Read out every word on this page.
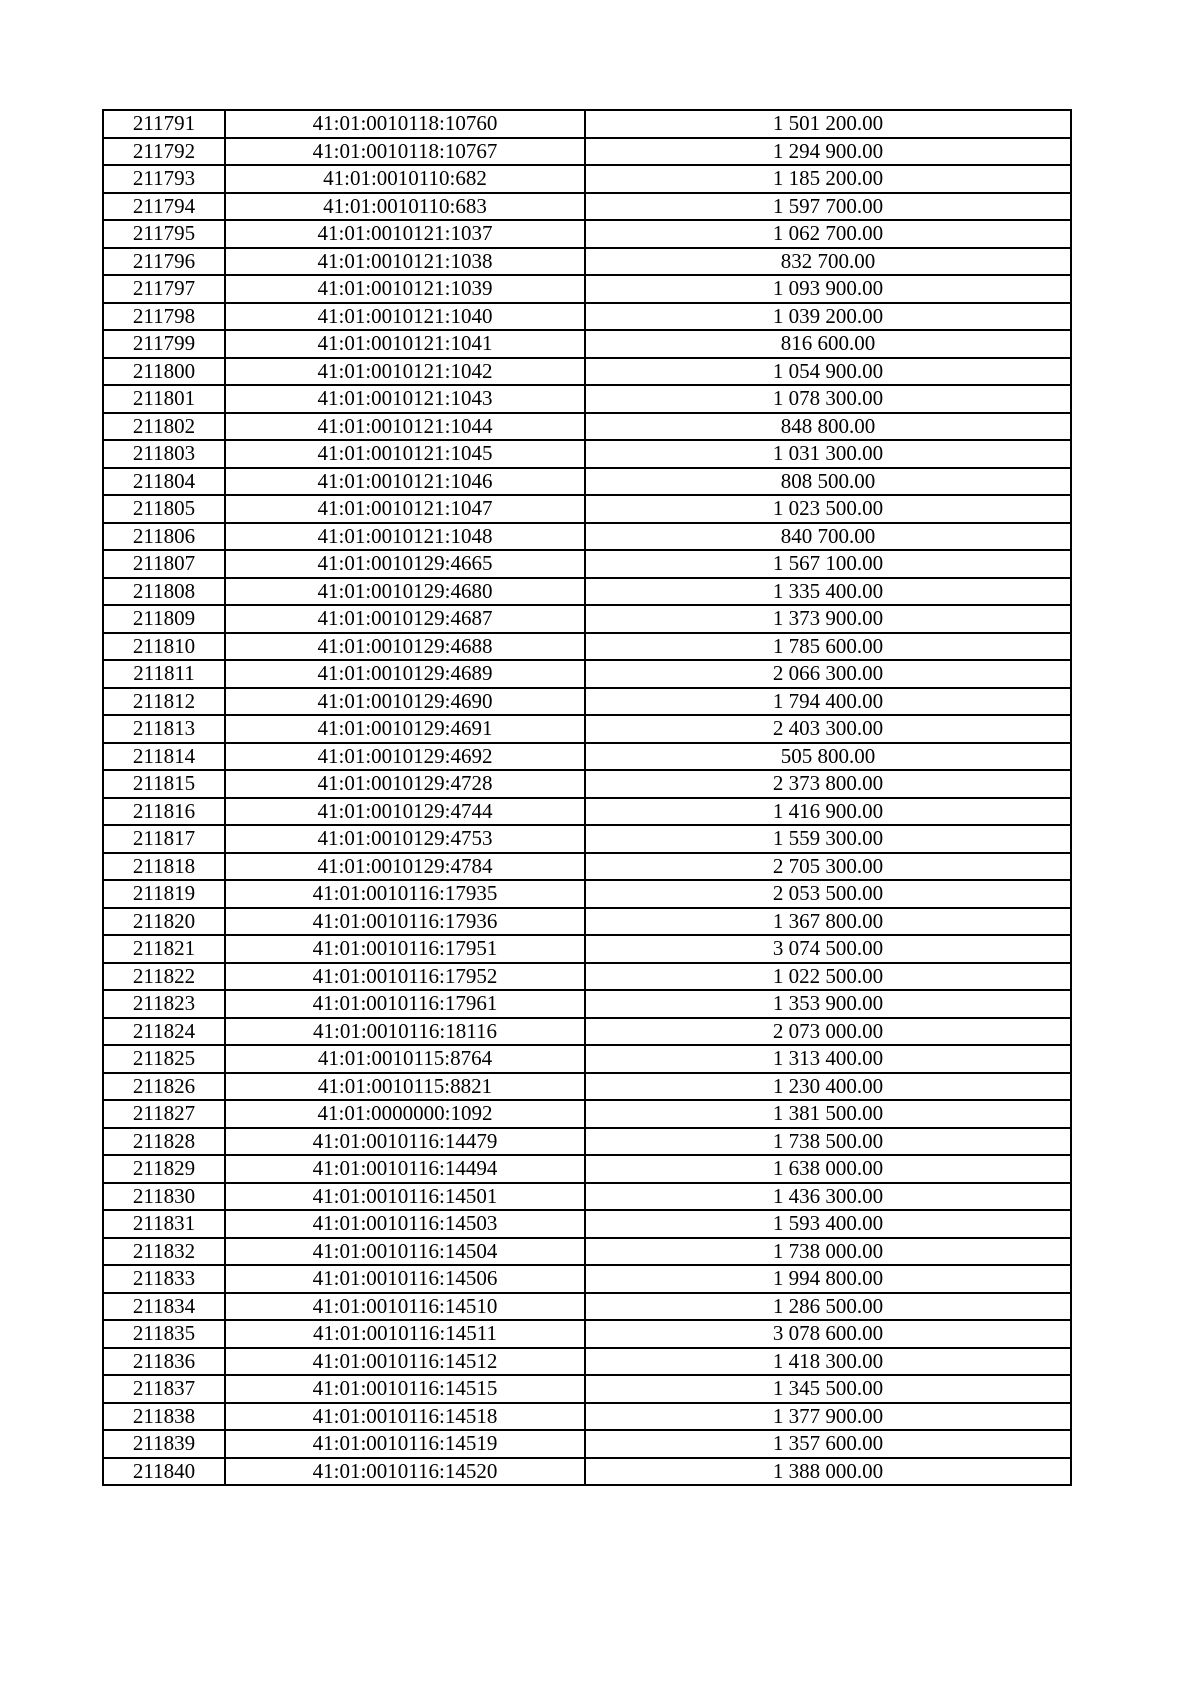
211791	41:01:0010118:10760	1 501 200.00
211792	41:01:0010118:10767	1 294 900.00
211793	41:01:0010110:682	1 185 200.00
211794	41:01:0010110:683	1 597 700.00
211795	41:01:0010121:1037	1 062 700.00
211796	41:01:0010121:1038	832 700.00
211797	41:01:0010121:1039	1 093 900.00
211798	41:01:0010121:1040	1 039 200.00
211799	41:01:0010121:1041	816 600.00
211800	41:01:0010121:1042	1 054 900.00
211801	41:01:0010121:1043	1 078 300.00
211802	41:01:0010121:1044	848 800.00
211803	41:01:0010121:1045	1 031 300.00
211804	41:01:0010121:1046	808 500.00
211805	41:01:0010121:1047	1 023 500.00
211806	41:01:0010121:1048	840 700.00
211807	41:01:0010129:4665	1 567 100.00
211808	41:01:0010129:4680	1 335 400.00
211809	41:01:0010129:4687	1 373 900.00
211810	41:01:0010129:4688	1 785 600.00
211811	41:01:0010129:4689	2 066 300.00
211812	41:01:0010129:4690	1 794 400.00
211813	41:01:0010129:4691	2 403 300.00
211814	41:01:0010129:4692	505 800.00
211815	41:01:0010129:4728	2 373 800.00
211816	41:01:0010129:4744	1 416 900.00
211817	41:01:0010129:4753	1 559 300.00
211818	41:01:0010129:4784	2 705 300.00
211819	41:01:0010116:17935	2 053 500.00
211820	41:01:0010116:17936	1 367 800.00
211821	41:01:0010116:17951	3 074 500.00
211822	41:01:0010116:17952	1 022 500.00
211823	41:01:0010116:17961	1 353 900.00
211824	41:01:0010116:18116	2 073 000.00
211825	41:01:0010115:8764	1 313 400.00
211826	41:01:0010115:8821	1 230 400.00
211827	41:01:0000000:1092	1 381 500.00
211828	41:01:0010116:14479	1 738 500.00
211829	41:01:0010116:14494	1 638 000.00
211830	41:01:0010116:14501	1 436 300.00
211831	41:01:0010116:14503	1 593 400.00
211832	41:01:0010116:14504	1 738 000.00
211833	41:01:0010116:14506	1 994 800.00
211834	41:01:0010116:14510	1 286 500.00
211835	41:01:0010116:14511	3 078 600.00
211836	41:01:0010116:14512	1 418 300.00
211837	41:01:0010116:14515	1 345 500.00
211838	41:01:0010116:14518	1 377 900.00
211839	41:01:0010116:14519	1 357 600.00
211840	41:01:0010116:14520	1 388 000.00
